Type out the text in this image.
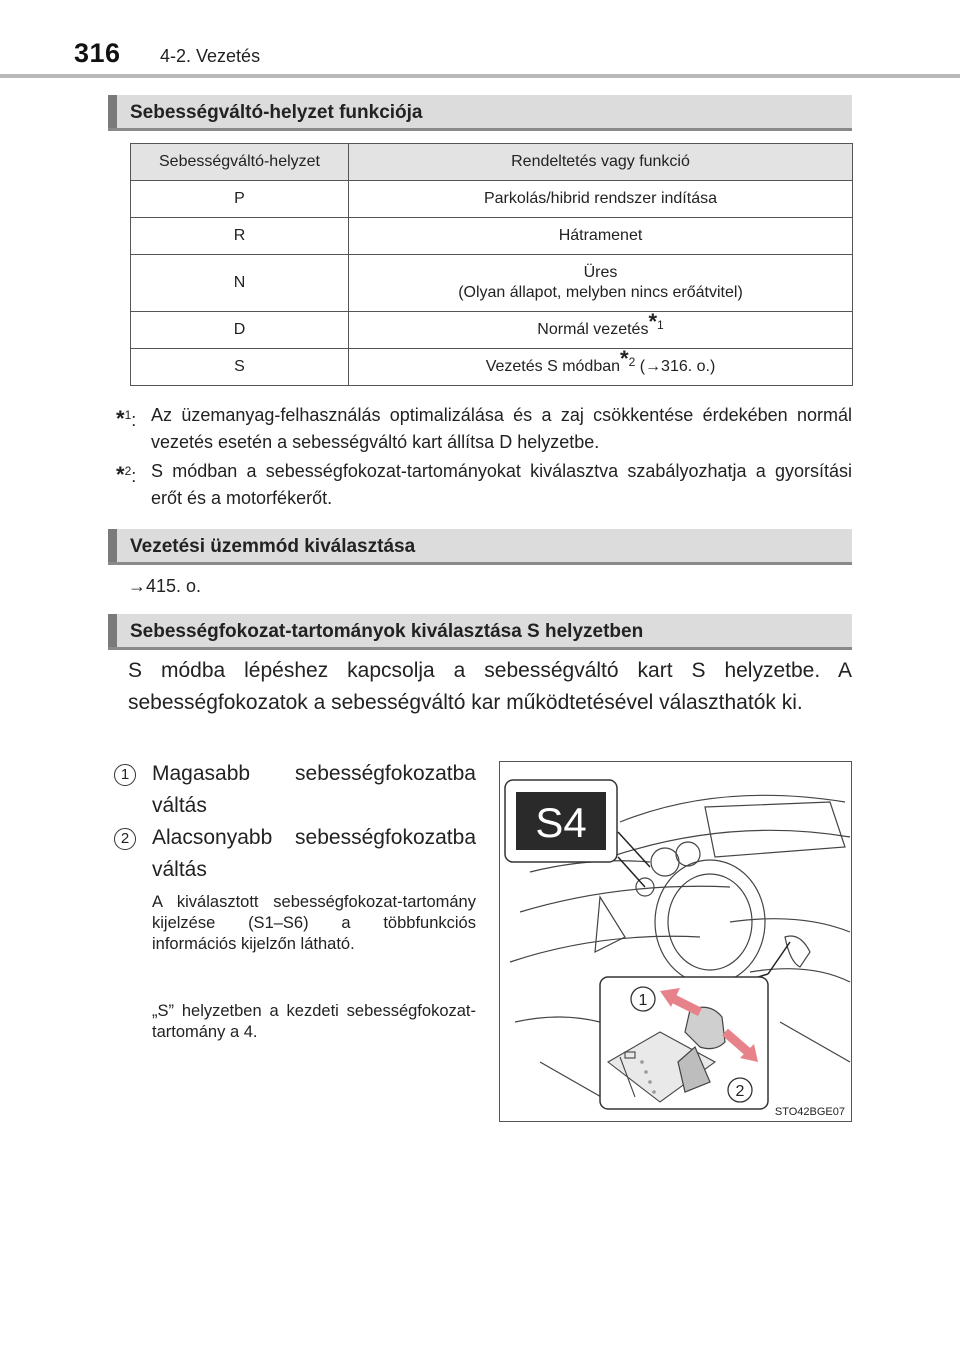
316 4-2. Vezetés
Sebességváltó-helyzet funkciója
Sebességváltó-helyzet	Rendeltetés vagy funkció
P	Parkolás/hibrid rendszer indítása
R	Hátramenet
N	Üres
(Olyan állapot, melyben nincs erőátvitel)
D	Normál vezetés$^{*1}$
S	Vezetés S módban$^{*2}$ (→316. o.)
*$^1$: Az üzemanyag-felhasználás optimalizálása és a zaj csökkentése érdekében normál vezetés esetén a sebességváltó kart állítsa D helyzetbe.
*$^2$: S módban a sebességfokozat-tartományokat kiválasztva szabályozhatja a gyorsítási erőt és a motorfékerőt.
Vezetési üzemmód kiválasztása
→415. o.
Sebességfokozat-tartományok kiválasztása S helyzetben
S módba lépéshez kapcsolja a sebességváltó kart S helyzetbe. A sebességfokozatok a sebességváltó kar működtetésével választhatók ki.
1	Magasabb sebességfokozatba váltás
2	Alacsonyabb sebességfokozatba váltás
A kiválasztott sebességfokozat-tartomány kijelzése (S1–S6) a többfunkciós információs kijelzőn látható.
„S” helyzetben a kezdeti sebességfokozat-tartomány a 4.
S4
1
2
STO42BGE07
